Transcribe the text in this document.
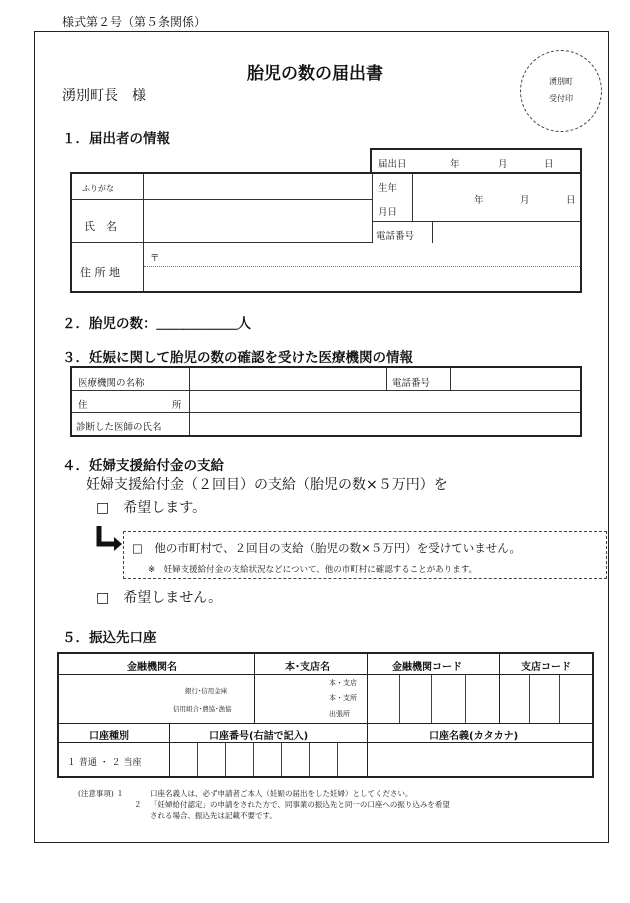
様式第２号（第５条関係）
胎児の数の届出書
湧別町長　様
湧別町
受付印
１．届出者の情報
届出日	年	月	日
ふりがな
氏　名
生年
月日
年	月	日
電話番号
住 所 地
〒
２．胎児の数：＿＿＿＿＿＿人
３．妊娠に関して胎児の数の確認を受けた医療機関の情報
医療機関の名称	電話番号
住	所
診断した医師の氏名
４．妊婦支援給付金の支給
妊婦支援給付金（２回目）の支給（胎児の数×５万円）を
□　 希望します。
□　 他の市町村で、２回目の支給（胎児の数×５万円）を受けていません。
※　妊婦支援給付金の支給状況などについて、他の市町村に確認することがあります。
□　 希望しません。
５．振込先口座
金融機関名	本･支店名	金融機関コード	支店コード
銀行･信用金庫
信用組合･農協･漁協
本・支店
本・支所
出張所
口座種別	口座番号(右詰で記入)	口座名義(カタカナ)
１ 普通 ・ ２ 当座
(注意事項) １	口座名義人は、必ず申請者ご本人（妊娠の届出をした妊婦）としてください。
２ 「妊婦給付認定」の申請をされた方で、同事業の振込先と同一の口座への振り込みを希望
される場合、振込先は記載不要です。
